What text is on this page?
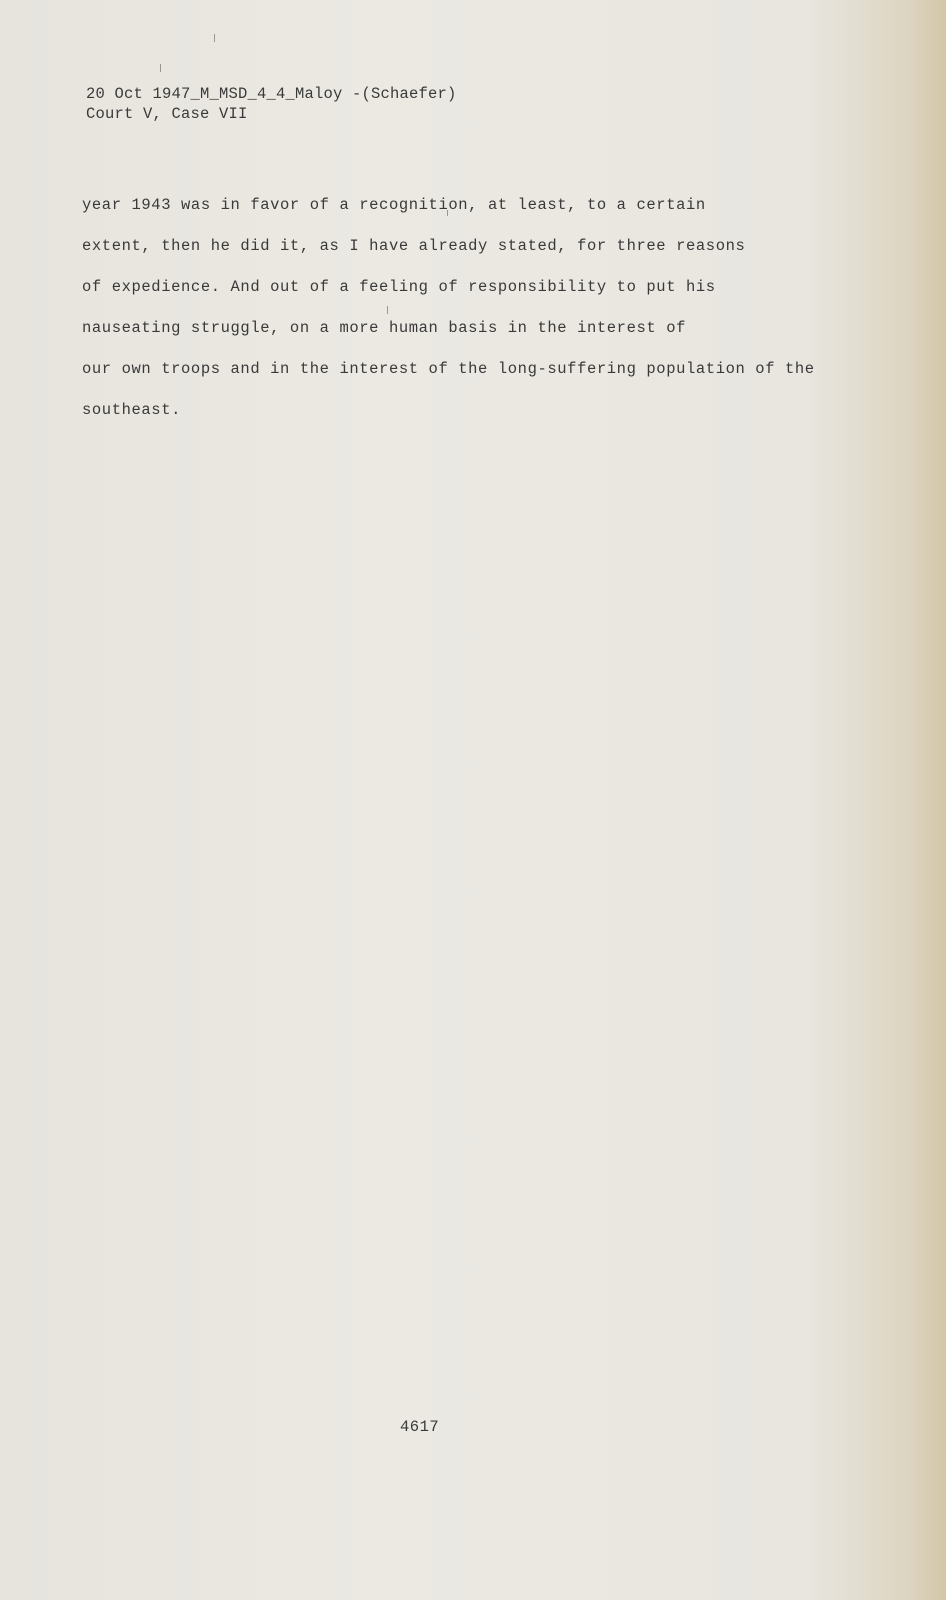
20 Oct 1947_M_MSD_4_4_Maloy -(Schaefer)
Court V, Case VII
year 1943 was in favor of a recognition, at least, to a certain
extent, then he did it, as I have already stated, for three reasons
of expedience. And out of a feeling of responsibility to put his
nauseating struggle, on a more human basis in the interest of
our own troops and in the interest of the long-suffering population of the
southeast.
4617
